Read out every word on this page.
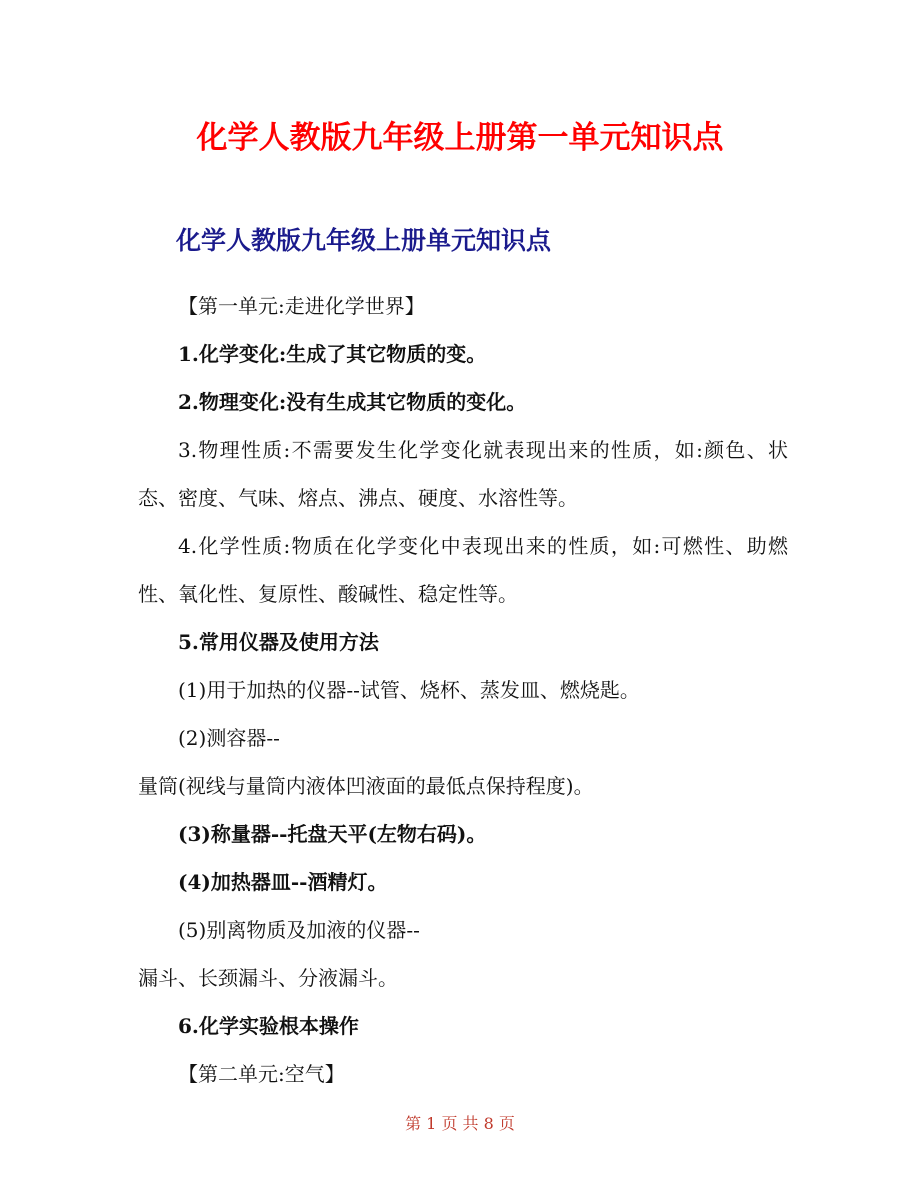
化学人教版九年级上册第一单元知识点
化学人教版九年级上册单元知识点

【第一单元:走进化学世界】

1.化学变化:生成了其它物质的变。

2.物理变化:没有生成其它物质的变化。

3.物理性质:不需要发生化学变化就表现出来的性质，如:颜色、状态、密度、气味、熔点、沸点、硬度、水溶性等。

4.化学性质:物质在化学变化中表现出来的性质，如:可燃性、助燃性、氧化性、复原性、酸碱性、稳定性等。

5.常用仪器及使用方法

(1)用于加热的仪器--试管、烧杯、蒸发皿、燃烧匙。

(2)测容器--

量筒(视线与量筒内液体凹液面的最低点保持程度)。

(3)称量器--托盘天平(左物右码)。

(4)加热器皿--酒精灯。

(5)别离物质及加液的仪器--

漏斗、长颈漏斗、分液漏斗。

6.化学实验根本操作

【第二单元:空气】

第 1 页 共 8 页
